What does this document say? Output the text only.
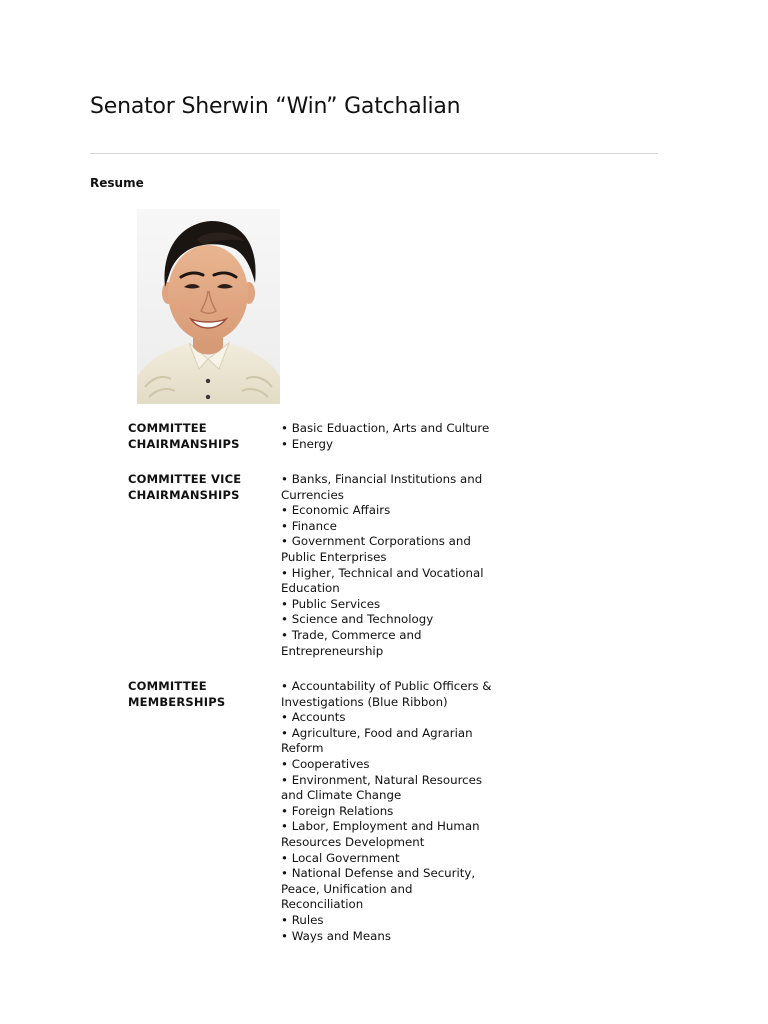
Senator Sherwin “Win” Gatchalian
Resume
COMMITTEE
CHAIRMANSHIPS
• Basic Eduaction, Arts and Culture
• Energy
COMMITTEE VICE
CHAIRMANSHIPS
• Banks, Financial Institutions and Currencies
• Economic Affairs
• Finance
• Government Corporations and Public Enterprises
• Higher, Technical and Vocational Education
• Public Services
• Science and Technology
• Trade, Commerce and Entrepreneurship
COMMITTEE
MEMBERSHIPS
• Accountability of Public Officers & Investigations (Blue Ribbon)
• Accounts
• Agriculture, Food and Agrarian Reform
• Cooperatives
• Environment, Natural Resources and Climate Change
• Foreign Relations
• Labor, Employment and Human Resources Development
• Local Government
• National Defense and Security, Peace, Unification and Reconciliation
• Rules
• Ways and Means
